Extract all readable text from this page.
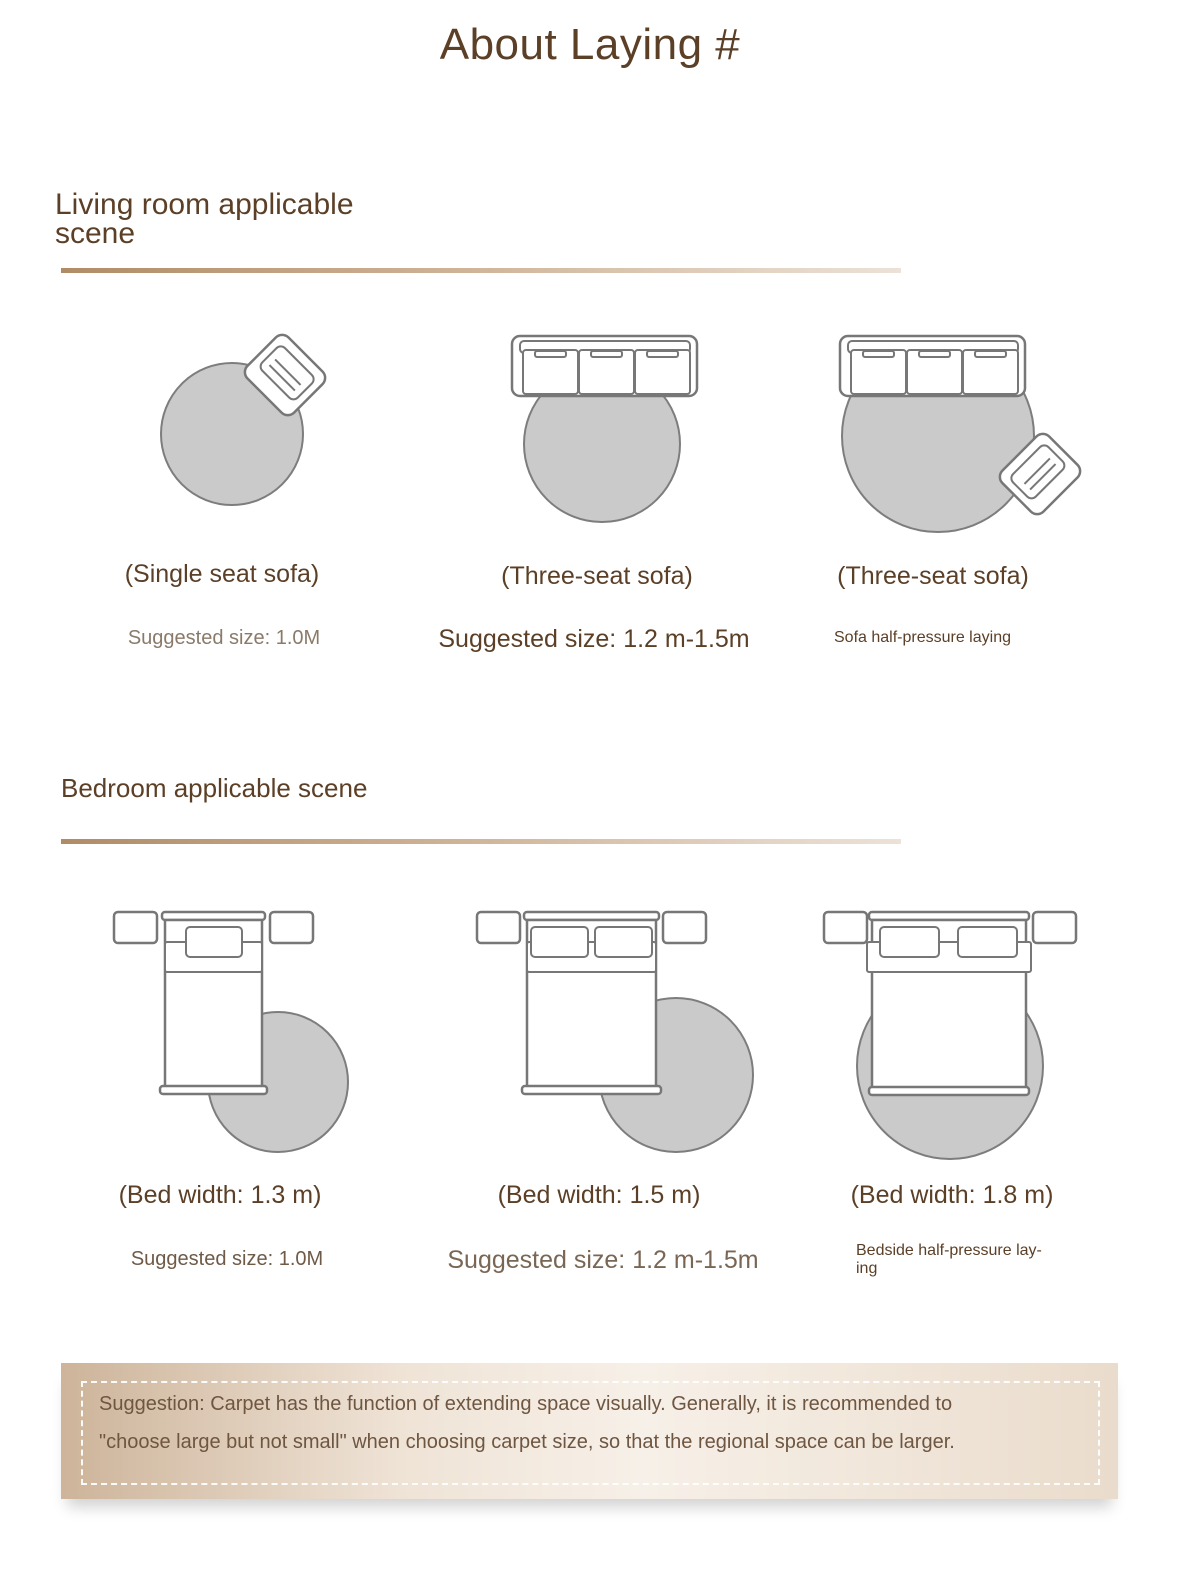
About Laying #
Living room applicable scene
(Single seat sofa)	(Three-seat sofa)	(Three-seat sofa)
Suggested size: 1.0M	Suggested size: 1.2 m-1.5m	Sofa half-pressure laying
Bedroom applicable scene
(Bed width: 1.3 m)	(Bed width: 1.5 m)	(Bed width: 1.8 m)
Suggested size: 1.0M	Suggested size: 1.2 m-1.5m	Bedside half-pressure lay- ing
Suggestion: Carpet has the function of extending space visually. Generally, it is recommended to "choose large but not small" when choosing carpet size, so that the regional space can be larger.
